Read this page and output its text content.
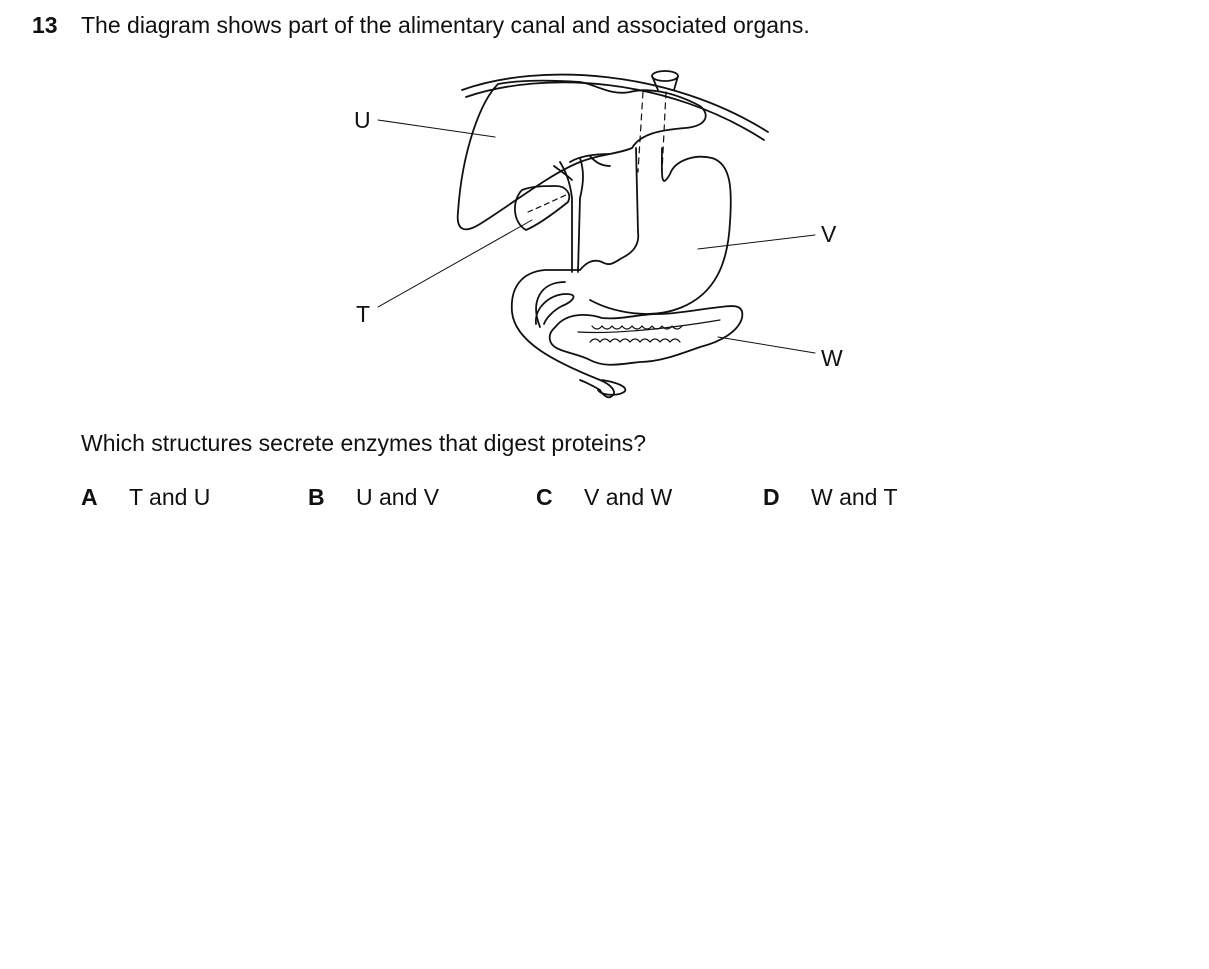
13 The diagram shows part of the alimentary canal and associated organs.
U
T
V
W
Which structures secrete enzymes that digest proteins?
A T and U	B U and V	C V and W	D W and T
